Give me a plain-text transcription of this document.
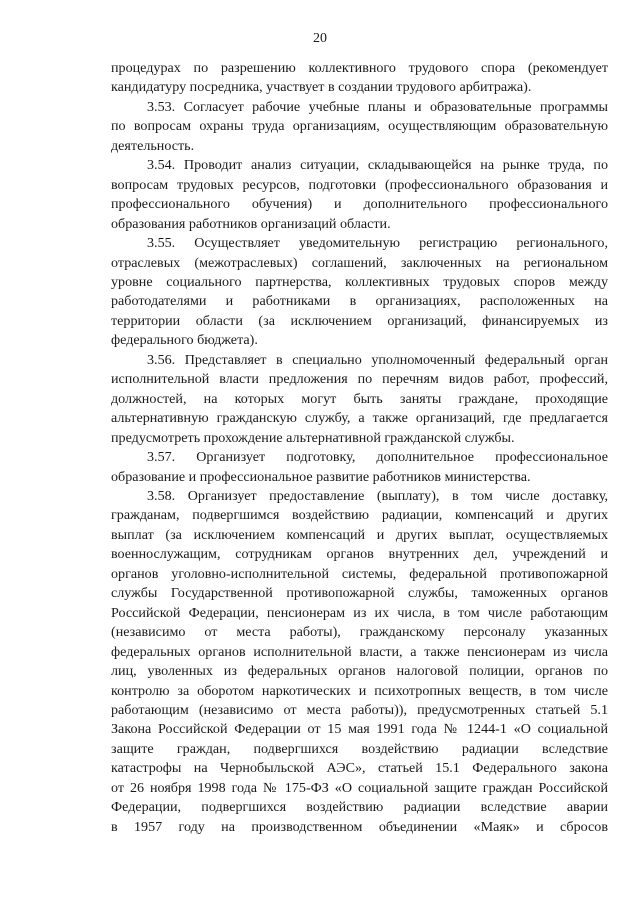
20

процедурах по разрешению коллективного трудового спора (рекомендует
кандидатуру посредника, участвует в создании трудового арбитража).

3.53. Согласует рабочие учебные планы и образовательные программы
по вопросам охраны труда организациям, осуществляющим образовательную
деятельность.

3.54. Проводит анализ ситуации, складывающейся на рынке труда, по
вопросам трудовых ресурсов, подготовки (профессионального образования и
профессионального обучения) и дополнительного профессионального
образования работников организаций области.

3.55. Осуществляет уведомительную регистрацию регионального,
отраслевых (межотраслевых) соглашений, заключенных на региональном
уровне социального партнерства, коллективных трудовых споров между
работодателями и работниками в организациях, расположенных на
территории области (за исключением организаций, финансируемых из
федерального бюджета).

3.56. Представляет в специально уполномоченный федеральный орган
исполнительной власти предложения по перечням видов работ, профессий,
должностей, на которых могут быть заняты граждане, проходящие
альтернативную гражданскую службу, а также организаций, где предлагается
предусмотреть прохождение альтернативной гражданской службы.

3.57. Организует подготовку, дополнительное профессиональное
образование и профессиональное развитие работников министерства.

3.58. Организует предоставление (выплату), в том числе доставку,
гражданам, подвергшимся воздействию радиации, компенсаций и других
выплат (за исключением компенсаций и других выплат, осуществляемых
военнослужащим, сотрудникам органов внутренних дел, учреждений и
органов уголовно-исполнительной системы, федеральной противопожарной
службы Государственной противопожарной службы, таможенных органов
Российской Федерации, пенсионерам из их числа, в том числе работающим
(независимо от места работы), гражданскому персоналу указанных
федеральных органов исполнительной власти, а также пенсионерам из числа
лиц, уволенных из федеральных органов налоговой полиции, органов по
контролю за оборотом наркотических и психотропных веществ, в том числе
работающим (независимо от места работы)), предусмотренных статьей 5.1
Закона Российской Федерации от 15 мая 1991 года № 1244-1 «О социальной
защите граждан, подвергшихся воздействию радиации вследствие
катастрофы на Чернобыльской АЭС», статьей 15.1 Федерального закона
от 26 ноября 1998 года № 175-ФЗ «О социальной защите граждан Российской
Федерации, подвергшихся воздействию радиации вследствие аварии
в 1957 году на производственном объединении «Маяк» и сбросов
